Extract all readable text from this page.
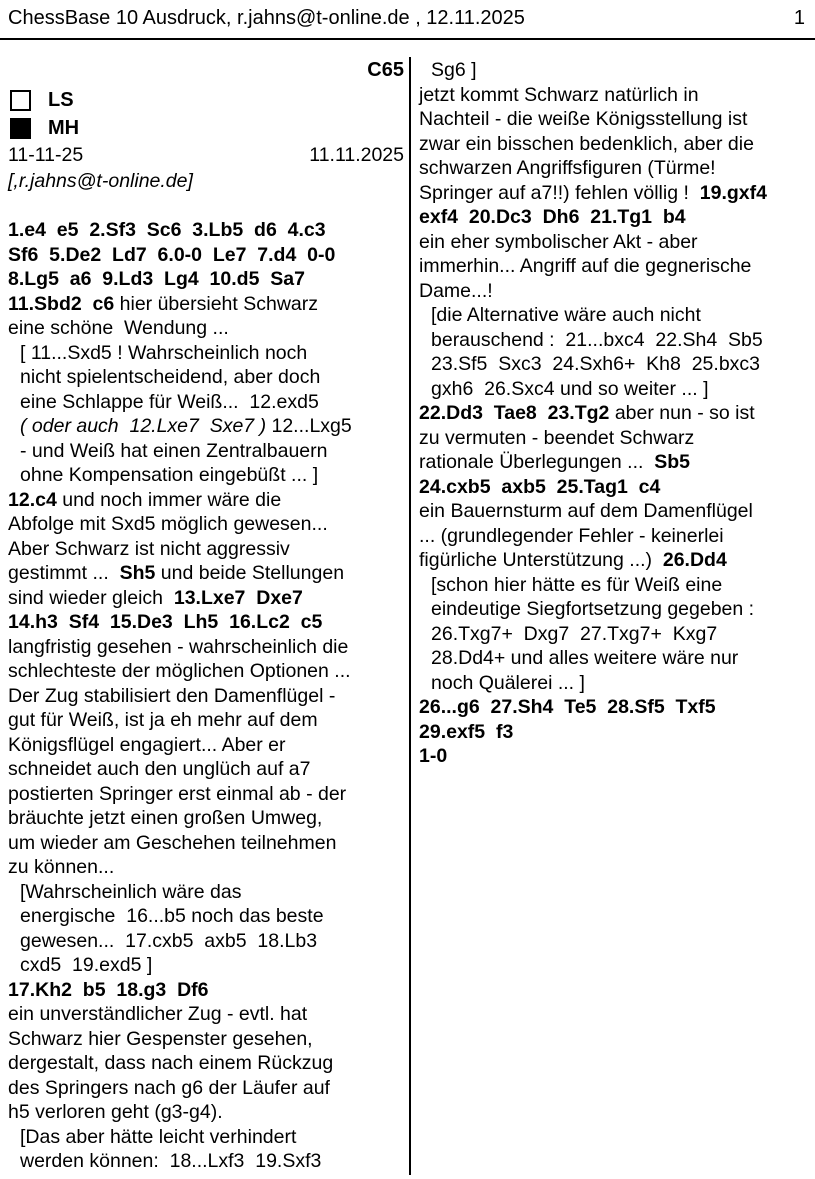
ChessBase 10 Ausdruck, r.jahns@t-online.de , 12.11.2025	1
C65
LS
MH
11-11-25	11.11.2025
[,r.jahns@t-online.de]
1.e4  e5  2.Sf3  Sc6  3.Lb5  d6  4.c3
Sf6  5.De2  Ld7  6.0-0  Le7  7.d4  0-0
8.Lg5  a6  9.Ld3  Lg4  10.d5  Sa7
11.Sbd2  c6 hier übersieht Schwarz
eine schöne  Wendung ...
[ 11...Sxd5 ! Wahrscheinlich noch
nicht spielentscheidend, aber doch
eine Schlappe für Weiß...  12.exd5
( oder auch  12.Lxe7  Sxe7 ) 12...Lxg5
- und Weiß hat einen Zentralbauern
ohne Kompensation eingebüßt ... ]
12.c4 und noch immer wäre die
Abfolge mit Sxd5 möglich gewesen...
Aber Schwarz ist nicht aggressiv
gestimmt ...  Sh5 und beide Stellungen
sind wieder gleich  13.Lxe7  Dxe7
14.h3  Sf4  15.De3  Lh5  16.Lc2  c5
langfristig gesehen - wahrscheinlich die
schlechteste der möglichen Optionen ...
Der Zug stabilisiert den Damenflügel -
gut für Weiß, ist ja eh mehr auf dem
Königsflügel engagiert... Aber er
schneidet auch den unglüch auf a7
postierten Springer erst einmal ab - der
bräuchte jetzt einen großen Umweg,
um wieder am Geschehen teilnehmen
zu können...
[Wahrscheinlich wäre das
energische  16...b5 noch das beste
gewesen...  17.cxb5  axb5  18.Lb3
cxd5  19.exd5 ]
17.Kh2  b5  18.g3  Df6
ein unverständlicher Zug - evtl. hat
Schwarz hier Gespenster gesehen,
dergestalt, dass nach einem Rückzug
des Springers nach g6 der Läufer auf
h5 verloren geht (g3-g4).
[Das aber hätte leicht verhindert
werden können:  18...Lxf3  19.Sxf3
Sg6 ]
jetzt kommt Schwarz natürlich in
Nachteil - die weiße Königsstellung ist
zwar ein bisschen bedenklich, aber die
schwarzen Angriffsfiguren (Türme!
Springer auf a7!!) fehlen völlig !  19.gxf4
exf4  20.Dc3  Dh6  21.Tg1  b4
ein eher symbolischer Akt - aber
immerhin... Angriff auf die gegnerische
Dame...!
[die Alternative wäre auch nicht
berauschend :  21...bxc4  22.Sh4  Sb5
23.Sf5  Sxc3  24.Sxh6+  Kh8  25.bxc3
gxh6  26.Sxc4 und so weiter ... ]
22.Dd3  Tae8  23.Tg2 aber nun - so ist
zu vermuten - beendet Schwarz
rationale Überlegungen ...  Sb5
24.cxb5  axb5  25.Tag1  c4
ein Bauernsturm auf dem Damenflügel
... (grundlegender Fehler - keinerlei
figürliche Unterstützung ...)  26.Dd4
[schon hier hätte es für Weiß eine
eindeutige Siegfortsetzung gegeben :
26.Txg7+  Dxg7  27.Txg7+  Kxg7
28.Dd4+ und alles weitere wäre nur
noch Quälerei ... ]
26...g6  27.Sh4  Te5  28.Sf5  Txf5
29.exf5  f3
1-0
